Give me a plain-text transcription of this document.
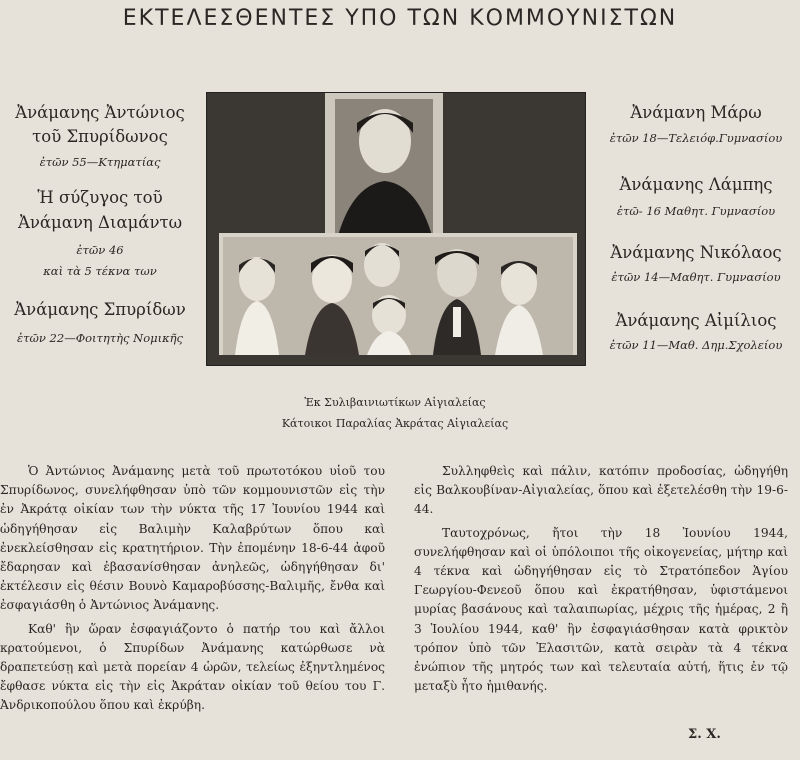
ΕΚΤΕΛΕΣΘΕΝΤΕΣ ΥΠΟ ΤΩΝ ΚΟΜΜΟΥΝΙΣΤΩΝ
Ἀνάμανης Ἀντώνιος
τοῦ Σπυρίδωνος
ἐτῶν 55—Κτηματίας
Ἡ σύζυγος τοῦ
Ἀνάμανη Διαμάντω
ἐτῶν 46
καὶ τὰ 5 τέκνα των
Ἀνάμανης Σπυρίδων
ἐτῶν 22—Φοιτητὴς Νομικῆς
Ἐκ Συλιβαινιωτίκων Αἰγιαλείας
Κάτοικοι Παραλίας Ἀκράτας Αἰγιαλείας
Ἀνάμανη Μάρω
ἐτῶν 18—Τελειόφ.Γυμνασίου
Ἀνάμανης Λάμπης
ἐτῶ- 16 Μαθητ. Γυμνασίου
Ἀνάμανης Νικόλαος
ἐτῶν 14—Μαθητ. Γυμνασίου
Ἀνάμανης Αἰμίλιος
ἐτῶν 11—Μαθ. Δημ.Σχολείου

Ὁ Ἀντώνιος Ἀνάμανης μετὰ τοῦ πρωτοτόκου υἱοῦ του Σπυρίδωνος, συνελήφθησαν ὑπὸ τῶν κομμουνιστῶν εἰς τὴν ἐν Ἀκράτᾳ οἰκίαν των τὴν νύκτα τῆς 17 Ἰουνίου 1944 καὶ ὡδηγήθησαν εἰς Βαλιμὴν Καλαβρύτων ὅπου καὶ ἐνεκλείσθησαν εἰς κρατητήριον. Τὴν ἐπομένην 18-6-44 ἀφοῦ ἔδαρησαν καὶ ἐβασανίσθησαν ἀνηλεῶς, ὡδηγήθησαν δι' ἐκτέλεσιν εἰς θέσιν Βουνὸ Καμαροβύσσης-Βαλιμῆς, ἔνθα καὶ ἐσφαγιάσθη ὁ Ἀντώνιος Ἀνάμανης.

Καθ' ἣν ὥραν ἐσφαγιάζοντο ὁ πατήρ του καὶ ἄλλοι κρατούμενοι, ὁ Σπυρίδων Ἀνάμανης κατώρθωσε νὰ δραπετεύσῃ καὶ μετὰ πορείαν 4 ὡρῶν, τελείως ἐξηντλημένος ἔφθασε νύκτα εἰς τὴν εἰς Ἀκράταν οἰκίαν τοῦ θείου του Γ. Ἀνδρικοπούλου ὅπου καὶ ἐκρύβη.

Συλληφθεὶς καὶ πάλιν, κατόπιν προδοσίας, ὡδηγήθη εἰς Βαλκουβίναν-Αἰγιαλείας, ὅπου καὶ ἐξετελέσθη τὴν 19-6-44.

Ταυτοχρόνως, ἤτοι τὴν 18 Ἰουνίου 1944, συνελήφθησαν καὶ οἱ ὑπόλοιποι τῆς οἰκογενείας, μήτηρ καὶ 4 τέκνα καὶ ὡδηγήθησαν εἰς τὸ Στρατόπεδον Ἁγίου Γεωργίου-Φενεοῦ ὅπου καὶ ἐκρατήθησαν, ὑφιστάμενοι μυρίας βασάνους καὶ ταλαιπωρίας, μέχρις τῆς ἡμέρας, 2 ἢ 3 Ἰουλίου 1944, καθ' ἣν ἐσφαγιάσθησαν κατὰ φρικτὸν τρόπον ὑπὸ τῶν Ἐλασιτῶν, κατὰ σειρὰν τὰ 4 τέκνα ἐνώπιον τῆς μητρός των καὶ τελευταία αὐτή, ἥτις ἐν τῷ μεταξὺ ἦτο ἡμιθανής.

Σ. Χ.
